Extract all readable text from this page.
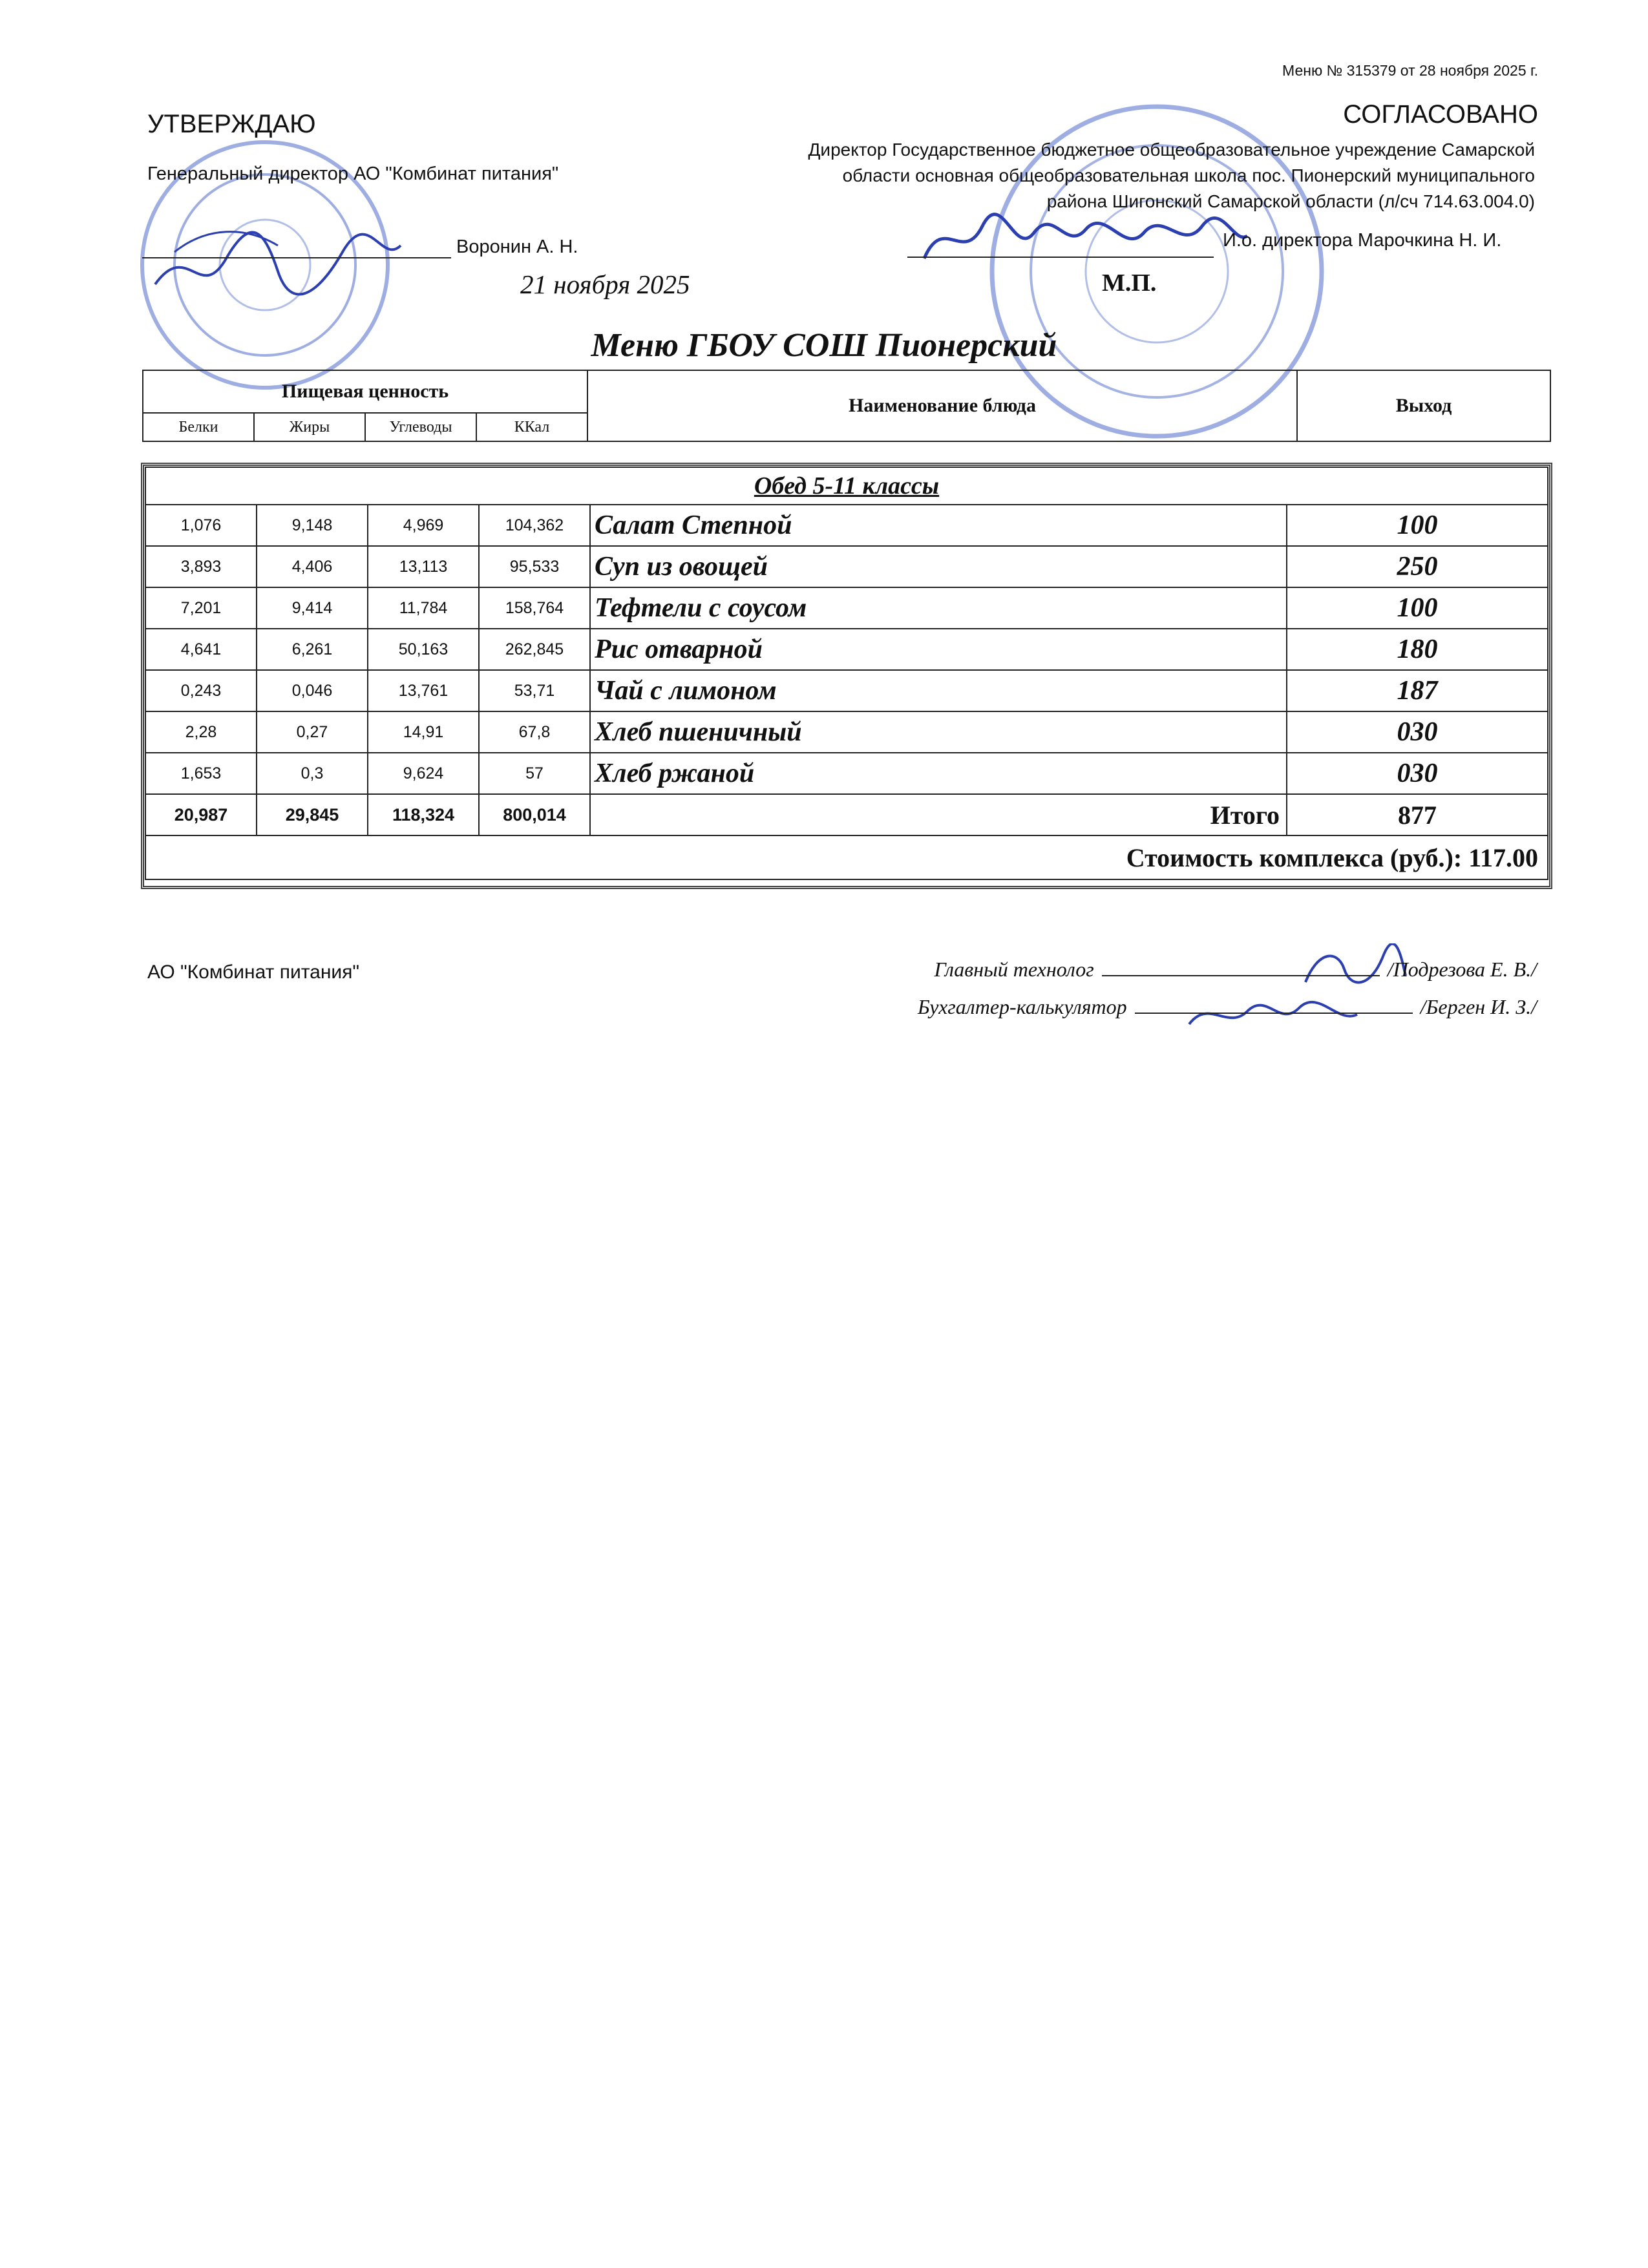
Меню № 315379 от 28 ноября 2025 г.
УТВЕРЖДАЮ
Генеральный директор АО "Комбинат питания"
Воронин А. Н.
21 ноября 2025
СОГЛАСОВАНО
Директор Государственное бюджетное общеобразовательное учреждение Самарской
области основная общеобразовательная школа пос. Пионерский муниципального
района Шигонский Самарской области (л/сч 714.63.004.0)
И.о. директора Марочкина Н. И.
М.П.
Меню ГБОУ СОШ Пионерский
Пищевая ценность				Наименование блюда	Выход
Белки	Жиры	Углеводы	ККал		
Обед 5-11 классы					
1,076	9,148	4,969	104,362	Салат Степной	100
3,893	4,406	13,113	95,533	Суп из овощей	250
7,201	9,414	11,784	158,764	Тефтели с соусом	100
4,641	6,261	50,163	262,845	Рис отварной	180
0,243	0,046	13,761	53,71	Чай с лимоном	187
2,28	0,27	14,91	67,8	Хлеб пшеничный	030
1,653	0,3	9,624	57	Хлеб ржаной	030
20,987	29,845	118,324	800,014	Итого	877
Стоимость комплекса (руб.): 117.00					
АО "Комбинат питания"	Главный технолог	/Подрезова Е. В./
Бухгалтер-калькулятор	/Берген И. З./
